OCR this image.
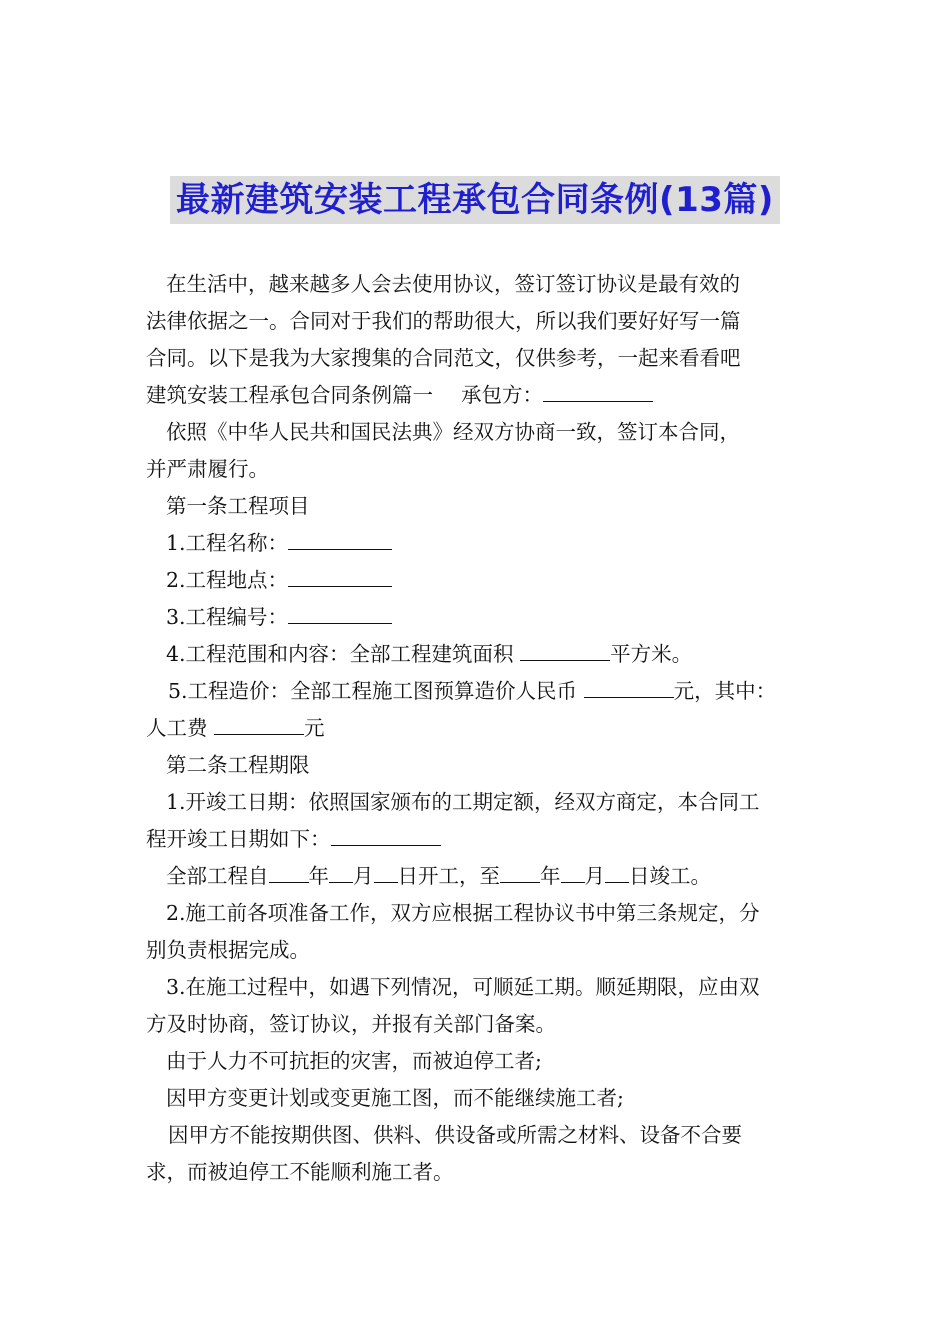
最新建筑安装工程承包合同条例(13篇)

在生活中，越来越多人会去使用协议，签订签订协议是最有效的

法律依据之一。合同对于我们的帮助很大，所以我们要好好写一篇

合同。以下是我为大家搜集的合同范文，仅供参考，一起来看看吧

建筑安装工程承包合同条例篇一 承包方：

依照《中华人民共和国民法典》经双方协商一致，签订本合同，

并严肃履行。

第一条工程项目

1.工程名称：

2.工程地点：

3.工程编号：

4.工程范围和内容：全部工程建筑面积	平方米。

5.工程造价：全部工程施工图预算造价人民币	元，其中：

人工费	元

第二条工程期限

1.开竣工日期：依照国家颁布的工期定额，经双方商定，本合同工

程开竣工日期如下：

全部工程自 年 月 日开工，至 年 月 日竣工。

2.施工前各项准备工作，双方应根据工程协议书中第三条规定，分

别负责根据完成。

3.在施工过程中，如遇下列情况，可顺延工期。顺延期限，应由双

方及时协商，签订协议，并报有关部门备案。

由于人力不可抗拒的灾害，而被迫停工者;

因甲方变更计划或变更施工图，而不能继续施工者;

因甲方不能按期供图、供料、供设备或所需之材料、设备不合要

求，而被迫停工不能顺利施工者。
